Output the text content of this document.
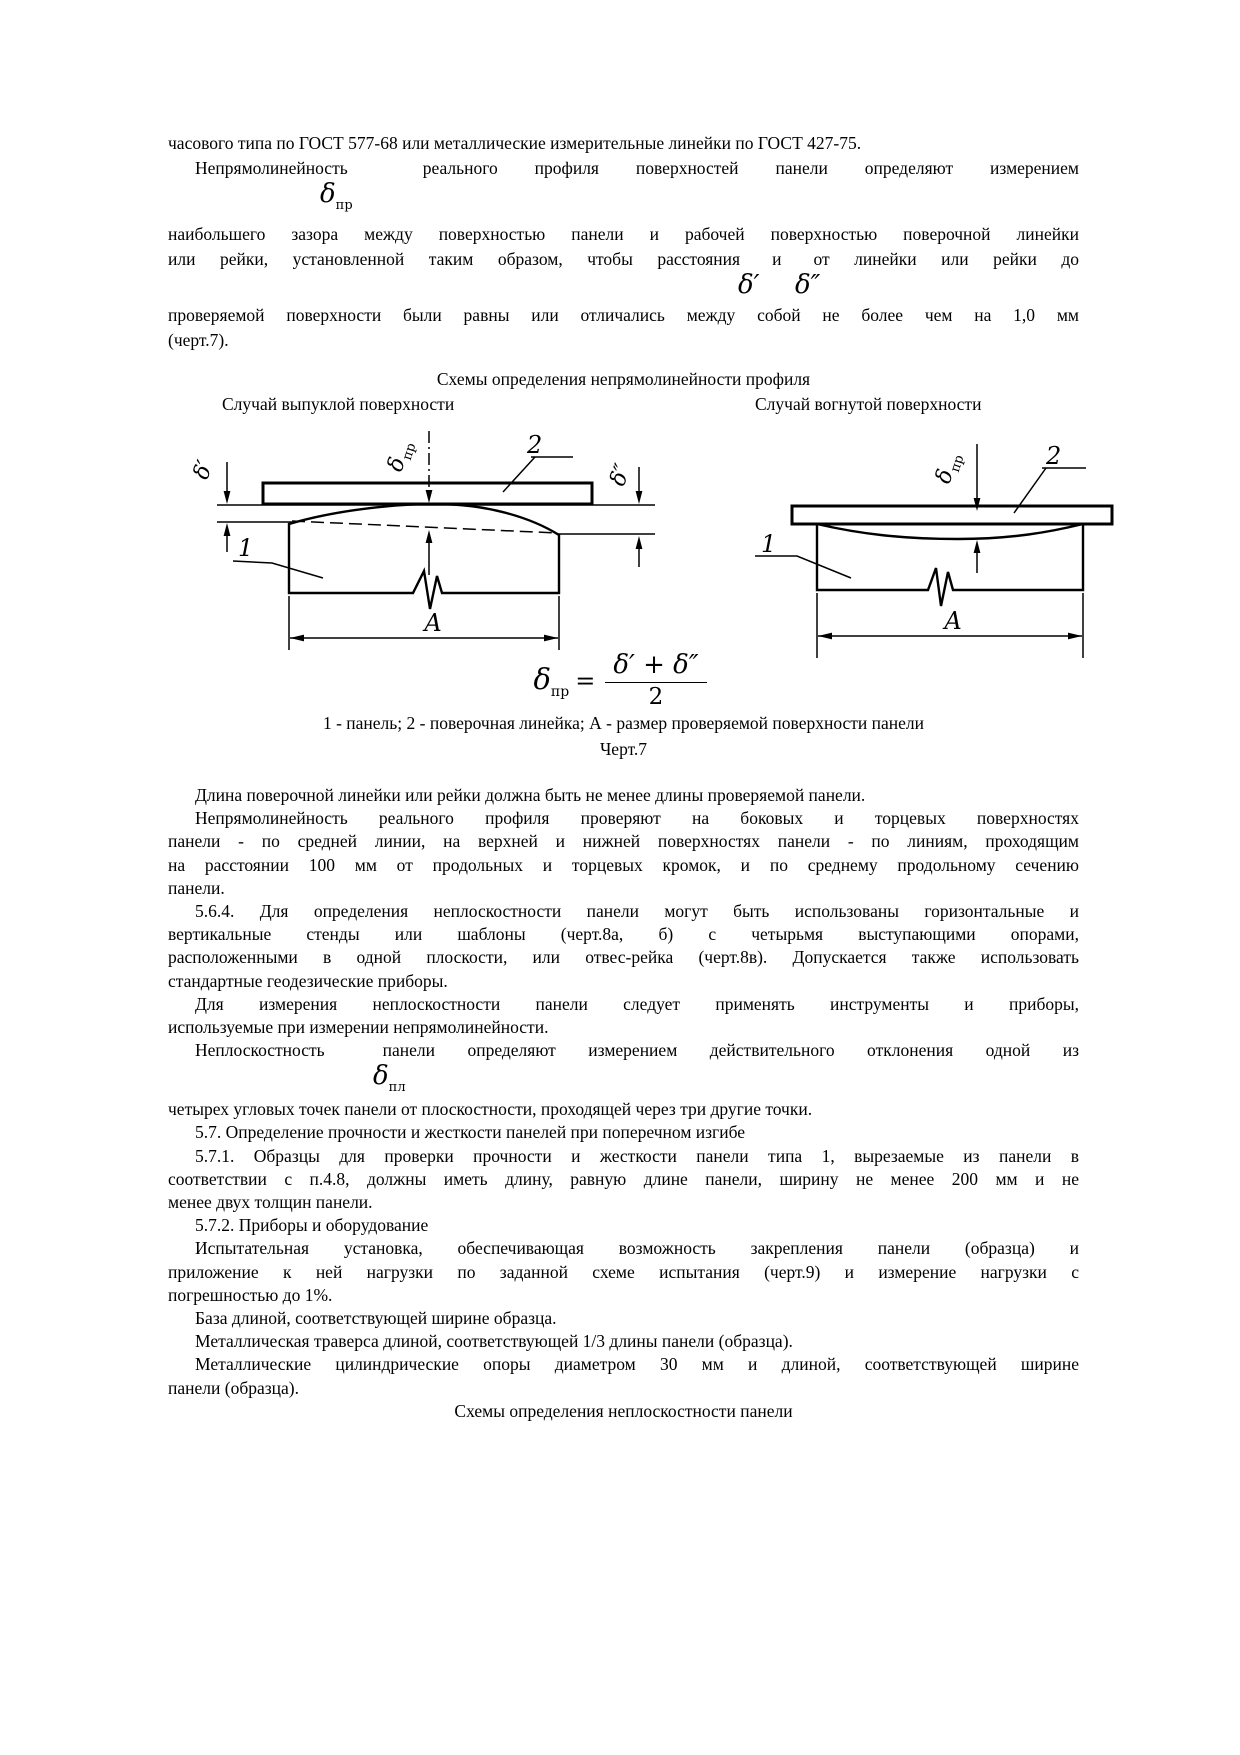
часового типа по ГОСТ 577-68 или металлические измерительные линейки по ГОСТ 427-75.
Непрямолинейность	реального профиля поверхностей панели определяют измерением
$\delta_{пр}$
наибольшего зазора между поверхностью панели и рабочей поверхностью поверочной линейки
или рейки, установленной таким образом, чтобы расстояния и от линейки или рейки до
δ′ δ″
проверяемой поверхности были равны или отличались между собой не более чем на 1,0 мм
(черт.7).
Схемы определения непрямолинейности профиля
Случай выпуклой поверхности	Случай вогнутой поверхности
δ′	$\delta_{пр}$
δ″
2
1
А
$\delta_{пр}$	2
1
А
$\delta_{пр} = \frac{\delta' + \delta''}{2}$
1 - панель; 2 - поверочная линейка; А - размер проверяемой поверхности панели
Черт.7
Длина поверочной линейки или рейки должна быть не менее длины проверяемой панели.
Непрямолинейность реального профиля проверяют на боковых и торцевых поверхностях
панели - по средней линии, на верхней и нижней поверхностях панели - по линиям, проходящим
на расстоянии 100 мм от продольных и торцевых кромок, и по среднему продольному сечению
панели.
5.6.4. Для определения неплоскостности панели могут быть использованы горизонтальные и
вертикальные стенды или шаблоны (черт.8а, б) с четырьмя выступающими опорами,
расположенными в одной плоскости, или отвес-рейка (черт.8в). Допускается также использовать
стандартные геодезические приборы.
Для измерения неплоскостности панели следует применять инструменты и приборы,
используемые при измерении непрямолинейности.
Неплоскостность	панели определяют измерением действительного отклонения одной из
$\delta_{пл}$
четырех угловых точек панели от плоскостности, проходящей через три другие точки.
5.7. Определение прочности и жесткости панелей при поперечном изгибе
5.7.1. Образцы для проверки прочности и жесткости панели типа 1, вырезаемые из панели в
соответствии с п.4.8, должны иметь длину, равную длине панели, ширину не менее 200 мм и не
менее двух толщин панели.
5.7.2. Приборы и оборудование
Испытательная установка, обеспечивающая возможность закрепления панели (образца) и
приложение к ней нагрузки по заданной схеме испытания (черт.9) и измерение нагрузки с
погрешностью до 1%.
База длиной, соответствующей ширине образца.
Металлическая траверса длиной, соответствующей 1/3 длины панели (образца).
Металлические цилиндрические опоры диаметром 30 мм и длиной, соответствующей ширине
панели (образца).
Схемы определения неплоскостности панели
